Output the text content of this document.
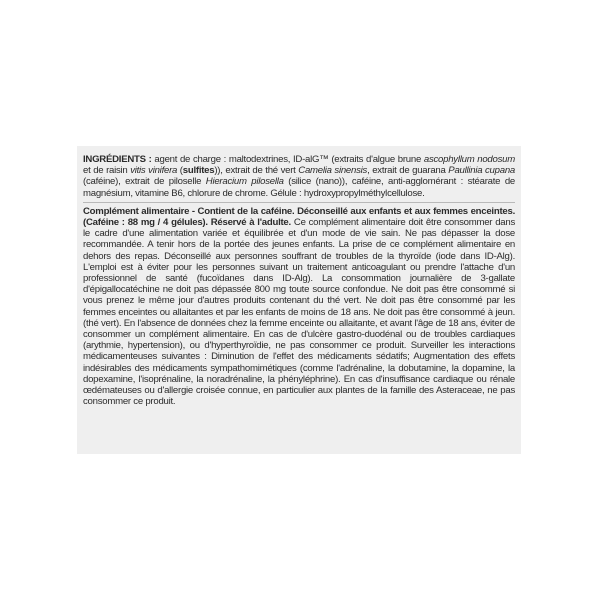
INGRÉDIENTS : agent de charge : maltodextrines, ID-alG™ (extraits d'algue brune ascophyllum nodosum et de raisin vitis vinifera (sulfites)), extrait de thé vert Camelia sinensis, extrait de guarana Paullinia cupana (caféine), extrait de piloselle Hieracium pilosella (silice (nano)), caféine, anti-agglomérant : stéarate de magnésium, vitamine B6, chlorure de chrome. Gélule : hydroxypropylméthylcellulose.

Complément alimentaire - Contient de la caféine. Déconseillé aux enfants et aux femmes enceintes. (Caféine : 88 mg / 4 gélules). Réservé à l'adulte. Ce complément alimentaire doit être consommer dans le cadre d'une alimentation variée et équilibrée et d'un mode de vie sain. Ne pas dépasser la dose recommandée. A tenir hors de la portée des jeunes enfants. La prise de ce complément alimentaire en dehors des repas. Déconseillé aux personnes souffrant de troubles de la thyroïde (iode dans ID-Alg). L'emploi est à éviter pour les personnes suivant un traitement anticoagulant ou prendre l'attache d'un professionnel de santé (fucoïdanes dans ID-Alg). La consommation journalière de 3-gallate d'épigallocatéchine ne doit pas dépassée 800 mg toute source confondue. Ne doit pas être consommé si vous prenez le même jour d'autres produits contenant du thé vert. Ne doit pas être consommé par les femmes enceintes ou allaitantes et par les enfants de moins de 18 ans. Ne doit pas être consommé à jeun. (thé vert). En l'absence de données chez la femme enceinte ou allaitante, et avant l'âge de 18 ans, éviter de consommer un complément alimentaire. En cas de d'ulcère gastro-duodénal ou de troubles cardiaques (arythmie, hypertension), ou d'hyperthyroïdie, ne pas consommer ce produit. Surveiller les interactions médicamenteuses suivantes : Diminution de l'effet des médicaments sédatifs; Augmentation des effets indésirables des médicaments sympathomimétiques (comme l'adrénaline, la dobutamine, la dopamine, la dopexamine, l'isoprénaline, la noradrénaline, la phényléphrine). En cas d'insuffisance cardiaque ou rénale œdémateuses ou d'allergie croisée connue, en particulier aux plantes de la famille des Asteraceae, ne pas consommer ce produit.
